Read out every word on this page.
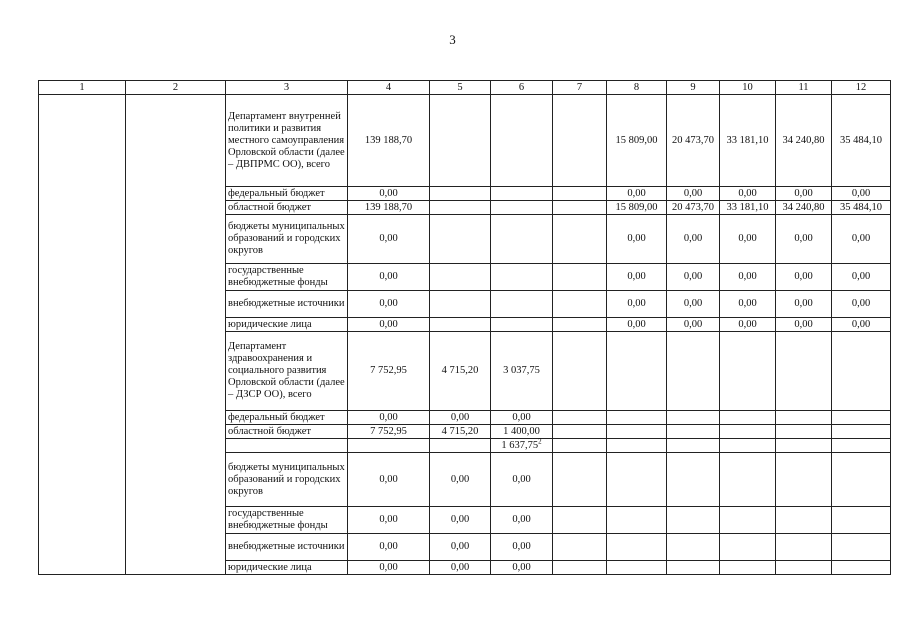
3
1	2	3	4	5	6	7	8	9	10	11	12
		Департамент внутренней политики и развития местного самоуправления Орловской области (далее – ДВПРМС ОО), всего	139 188,70				15 809,00	20 473,70	33 181,10	34 240,80	35 484,10
		федеральный бюджет	0,00				0,00	0,00	0,00	0,00	0,00
		областной бюджет	139 188,70				15 809,00	20 473,70	33 181,10	34 240,80	35 484,10
		бюджеты муниципальных образований и городских округов	0,00				0,00	0,00	0,00	0,00	0,00
		государственные внебюджетные фонды	0,00				0,00	0,00	0,00	0,00	0,00
		внебюджетные источники	0,00				0,00	0,00	0,00	0,00	0,00
		юридические лица	0,00				0,00	0,00	0,00	0,00	0,00
		Департамент здравоохранения и социального развития Орловской области (далее – ДЗСР ОО), всего	7 752,95	4 715,20	3 037,75						
		федеральный бюджет	0,00	0,00	0,00						
		областной бюджет	7 752,95	4 715,20	1 400,00						
					1 637,75$^2$						
		бюджеты муниципальных образований и городских округов	0,00	0,00	0,00						
		государственные внебюджетные фонды	0,00	0,00	0,00						
		внебюджетные источники	0,00	0,00	0,00						
		юридические лица	0,00	0,00	0,00						
